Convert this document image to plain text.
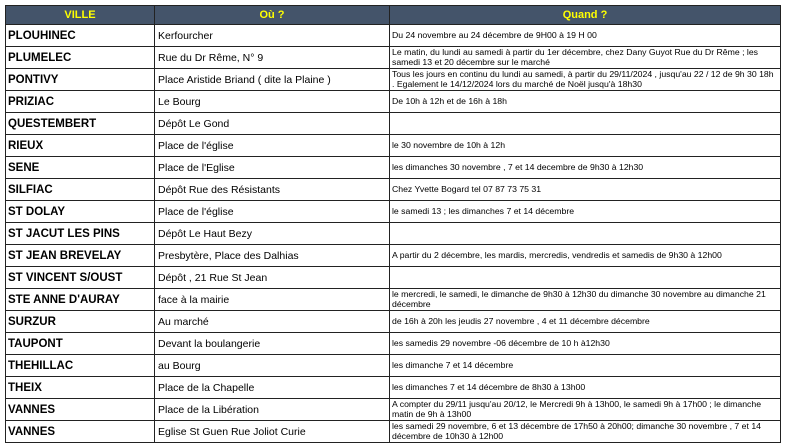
VILLE	Où ?	Quand ?
PLOUHINEC	Kerfourcher	Du 24 novembre au 24 décembre de 9H00 à 19 H 00

PLUMELEC	Rue du Dr Rême, N° 9	Le matin, du lundi au samedi à partir du 1er décembre, chez Dany Guyot Rue du Dr Rême ; les samedi 13 et 20 décembre sur le marché

PONTIVY	Place Aristide Briand ( dite la Plaine )	Tous les jours en continu du lundi au samedi, à partir du 29/11/2024 , jusqu'au 22 / 12 de 9h 30 18h . Egalement le 14/12/2024 lors du marché de Noël jusqu'à 18h30

PRIZIAC	Le Bourg	De 10h à 12h et de 16h à 18h

QUESTEMBERT	Dépôt Le Gond	

RIEUX	Place de l'église	le 30 novembre de 10h à 12h

SENE	Place de l'Eglise	les dimanches 30 novembre , 7 et 14 decembre de 9h30 à 12h30

SILFIAC	Dépôt Rue des Résistants	Chez Yvette Bogard tel 07 87 73 75 31

ST DOLAY	Place de l'église	le samedi 13 ; les dimanches 7 et 14 décembre

ST JACUT LES PINS	Dépôt Le Haut Bezy	

ST JEAN BREVELAY	Presbytère, Place des Dalhias	A partir du 2 décembre, les mardis, mercredis, vendredis et samedis de 9h30 à 12h00

ST VINCENT S/OUST	Dépôt , 21 Rue St Jean	

STE ANNE D'AURAY	face à la mairie	le mercredi, le samedi, le dimanche de 9h30 à 12h30 du dimanche 30 novembre au dimanche 21 décembre

SURZUR	Au marché	de 16h à 20h les jeudis 27 novembre , 4 et 11 décembre décembre

TAUPONT	Devant la boulangerie	les samedis 29 novembre -06 décembre de 10 h à12h30

THEHILLAC	au Bourg	les dimanche 7 et 14 décembre

THEIX	Place de la Chapelle	les dimanches 7 et 14 décembre de 8h30 à 13h00

VANNES	Place de la Libération	A compter du 29/11 jusqu'au 20/12, le Mercredi 9h à 13h00, le samedi 9h à 17h00 ; le dimanche matin de 9h à 13h00

VANNES	Eglise St Guen Rue Joliot Curie	les samedi 29 novembre, 6 et 13 décembre de 17h50 à 20h00; dimanche 30 novembre , 7 et 14 décembre de 10h30 à 12h00
